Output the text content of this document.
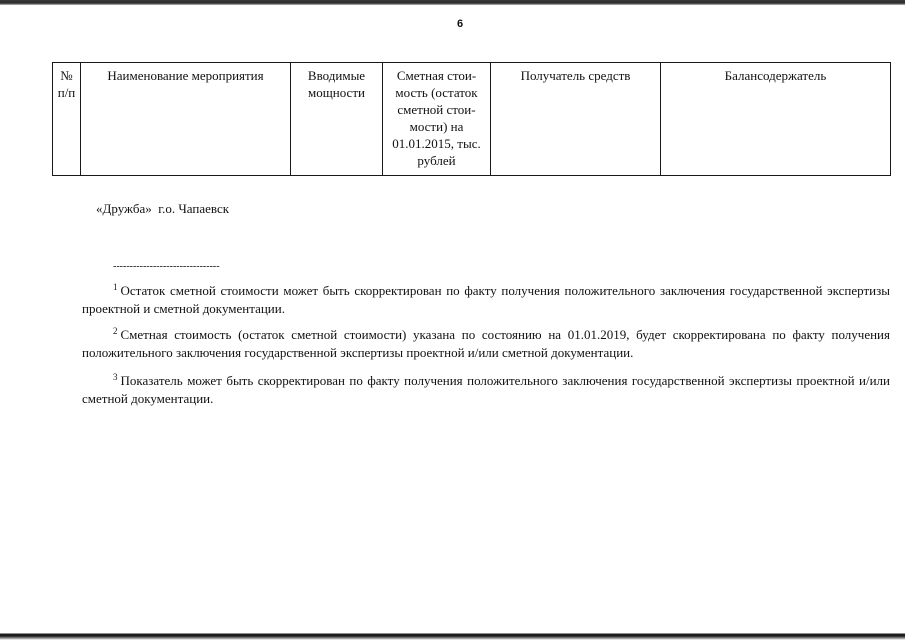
6
№ п/п	Наименование мероприятия	Вводимые мощности	Сметная стои-мость (остаток сметной стои-мости) на 01.01.2015, тыс. рублей	Получатель средств	Балансодержатель
«Дружба»  г.о. Чапаевск
--------------------------------
$^1$ Остаток сметной стоимости может быть скорректирован по факту получения положительного заключения государственной экспертизы проектной и сметной документации.
$^2$ Сметная стоимость (остаток сметной стоимости) указана по состоянию на 01.01.2019, будет скорректирована по факту получения положительного заключения государственной экспертизы проектной и/или сметной документации.
$^3$ Показатель может быть скорректирован по факту получения положительного заключения государственной экспертизы проектной и/или сметной документации.
